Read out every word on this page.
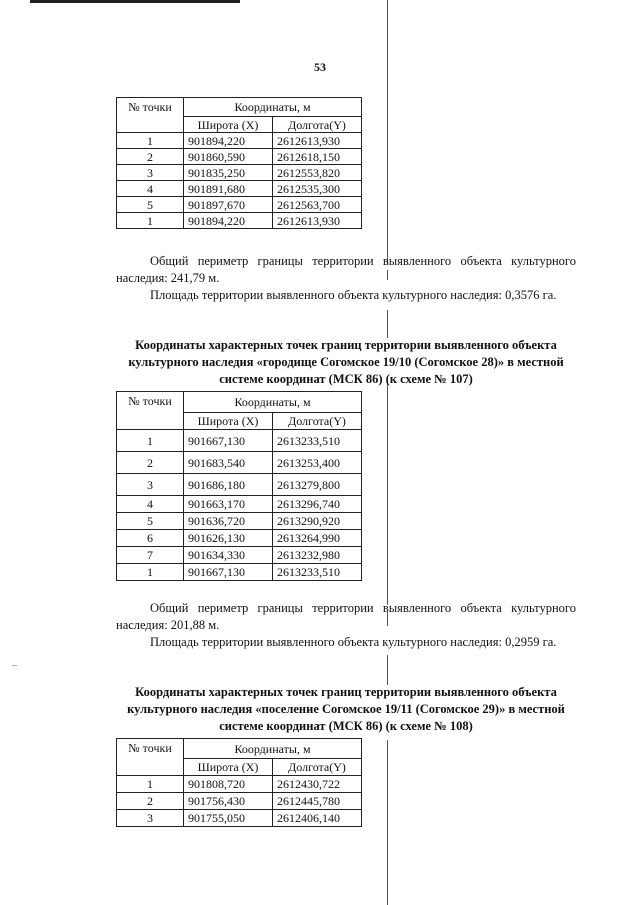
53
№ точки	Координаты, м	
	Широта (X)	Долгота(Y)
1	901894,220	2612613,930
2	901860,590	2612618,150
3	901835,250	2612553,820
4	901891,680	2612535,300
5	901897,670	2612563,700
1	901894,220	2612613,930

Общий периметр границы территории выявленного объекта культурного наследия: 241,79 м.

Площадь территории выявленного объекта культурного наследия: 0,3576 га.

Координаты характерных точек границ территории выявленного объекта культурного наследия «городище Согомское 19/10 (Согомское 28)» в местной системе координат (МСК 86) (к схеме № 107)

№ точки	Координаты, м	
	Широта (X)	Долгота(Y)
1	901667,130	2613233,510
2	901683,540	2613253,400
3	901686,180	2613279,800
4	901663,170	2613296,740
5	901636,720	2613290,920
6	901626,130	2613264,990
7	901634,330	2613232,980
1	901667,130	2613233,510

Общий периметр границы территории выявленного объекта культурного наследия: 201,88 м.

Площадь территории выявленного объекта культурного наследия: 0,2959 га.

Координаты характерных точек границ территории выявленного объекта культурного наследия «поселение Согомское 19/11 (Согомское 29)» в местной системе координат (МСК 86) (к схеме № 108)

№ точки	Координаты, м	
	Широта (X)	Долгота(Y)
1	901808,720	2612430,722
2	901756,430	2612445,780
3	901755,050	2612406,140
–
